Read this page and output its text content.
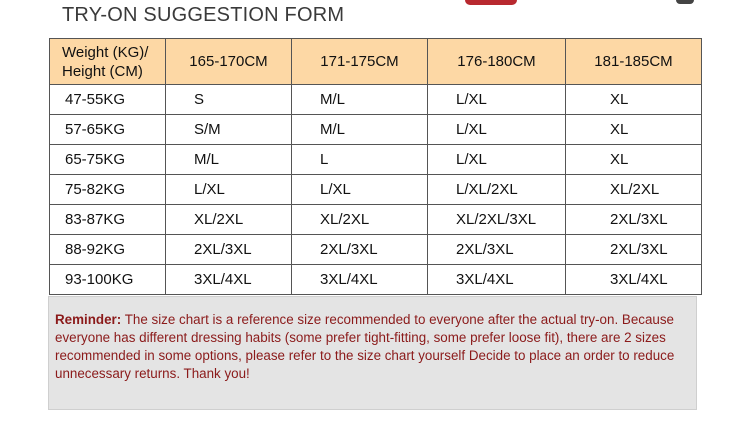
TRY-ON SUGGESTION FORM
Weight (KG)/
Height (CM)	165-170CM	171-175CM	176-180CM	181-185CM
47-55KG	S	M/L	L/XL	XL
57-65KG	S/M	M/L	L/XL	XL
65-75KG	M/L	L	L/XL	XL
75-82KG	L/XL	L/XL	L/XL/2XL	XL/2XL
83-87KG	XL/2XL	XL/2XL	XL/2XL/3XL	2XL/3XL
88-92KG	2XL/3XL	2XL/3XL	2XL/3XL	2XL/3XL
93-100KG	3XL/4XL	3XL/4XL	3XL/4XL	3XL/4XL
Reminder: The size chart is a reference size recommended to everyone after the actual try-on. Because everyone has different dressing habits (some prefer tight-fitting, some prefer loose fit), there are 2 sizes recommended in some options, please refer to the size chart yourself Decide to place an order to reduce unnecessary returns. Thank you!
